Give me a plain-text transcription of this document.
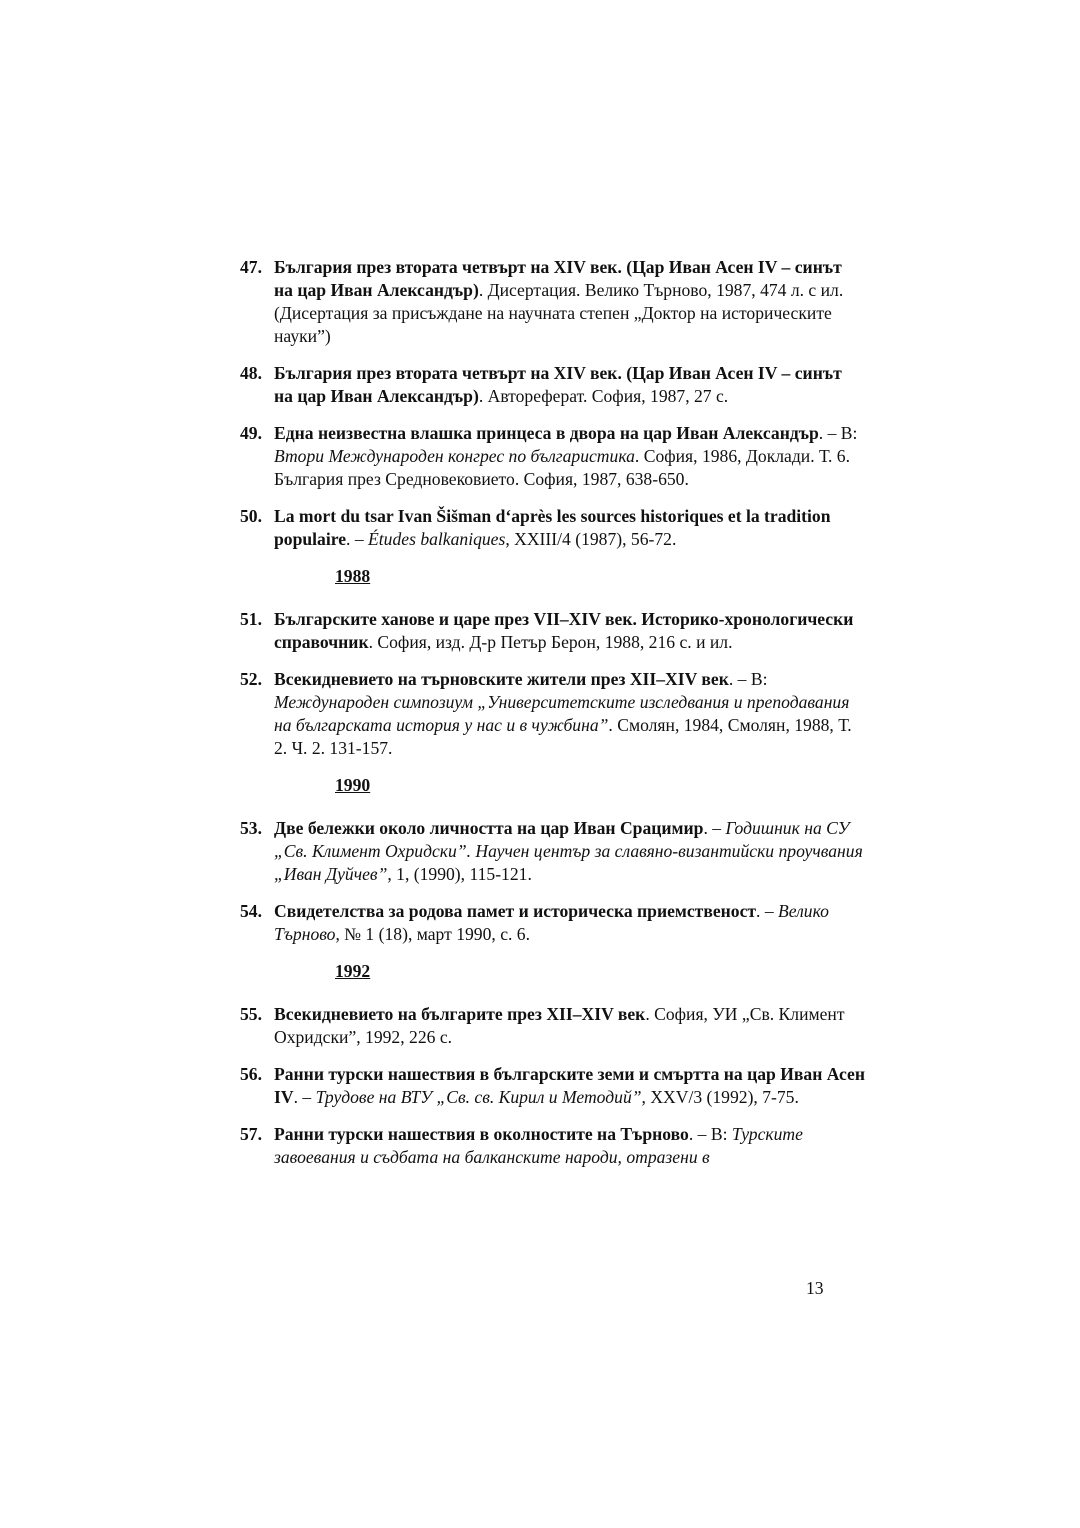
47. България през втората четвърт на XIV век. (Цар Иван Асен IV – синът на цар Иван Александър). Дисертация. Велико Търново, 1987, 474 л. с ил. (Дисертация за присъждане на научната степен „Доктор на историческите науки”)
48. България през втората четвърт на XIV век. (Цар Иван Асен IV – синът на цар Иван Александър). Автореферат. София, 1987, 27 с.
49. Една неизвестна влашка принцеса в двора на цар Иван Александър. – В: Втори Международен конгрес по българистика. София, 1986, Доклади. Т. 6. България през Средновековието. София, 1987, 638-650.
50. La mort du tsar Ivan Šišman d‘après les sources historiques et la tradition populaire. – Études balkaniques, XXIII/4 (1987), 56-72.
1988
51. Българските ханове и царе през VII–XIV век. Историко-хронологически справочник. София, изд. Д-р Петър Берон, 1988, 216 с. и ил.
52. Всекидневието на търновските жители през XII–XIV век. – В: Международен симпозиум „Университетските изследвания и преподавания на българската история у нас и в чужбина”. Смолян, 1984, Смолян, 1988, Т. 2. Ч. 2. 131-157.
1990
53. Две бележки около личността на цар Иван Срацимир. – Годишник на СУ „Св. Климент Охридски”. Научен център за славяно-византийски проучвания „Иван Дуйчев”, 1, (1990), 115-121.
54. Свидетелства за родова памет и историческа приемственост. – Велико Търново, № 1 (18), март 1990, с. 6.
1992
55. Всекидневието на българите през XII–XIV век. София, УИ „Св. Климент Охридски”, 1992, 226 с.
56. Ранни турски нашествия в българските земи и смъртта на цар Иван Асен IV. – Трудове на ВТУ „Св. св. Кирил и Методий”, XXV/3 (1992), 7-75.
57. Ранни турски нашествия в околностите на Търново. – В: Турските завоевания и съдбата на балканските народи, отразени в
13
